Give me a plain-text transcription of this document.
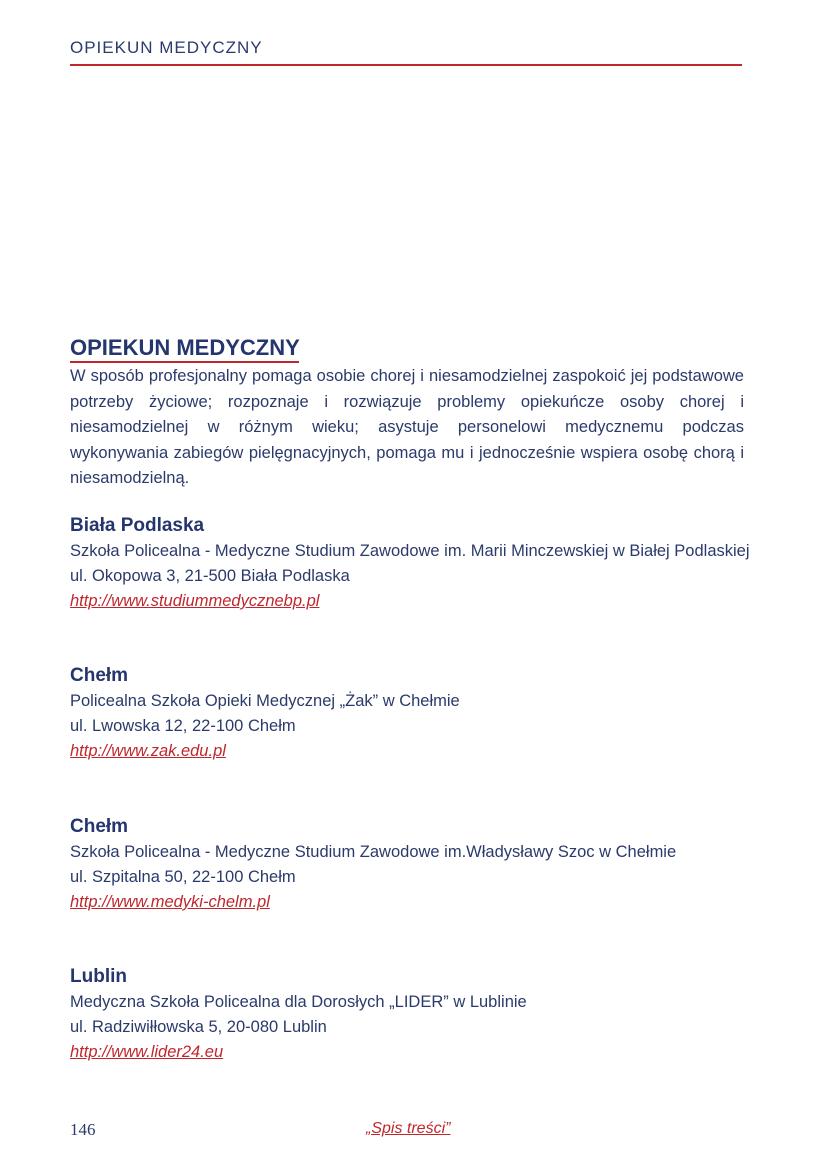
OPIEKUN MEDYCZNY
OPIEKUN MEDYCZNY
W sposób profesjonalny pomaga osobie chorej i niesamodzielnej zaspokoić jej podstawowe potrzeby życiowe; rozpoznaje i rozwiązuje problemy opiekuńcze osoby chorej i niesamodzielnej w różnym wieku; asystuje personelowi medycznemu podczas wykonywania zabiegów pielęgnacyjnych, pomaga mu i jednocześnie wspiera osobę chorą i niesamodzielną.
Biała Podlaska
Szkoła Policealna - Medyczne Studium Zawodowe im. Marii Minczewskiej w Białej Podlaskiej
ul. Okopowa 3, 21-500 Biała Podlaska
http://www.studiummedycznebp.pl
Chełm
Policealna Szkoła Opieki Medycznej „Żak” w Chełmie
ul. Lwowska 12, 22-100 Chełm
http://www.zak.edu.pl
Chełm
Szkoła Policealna - Medyczne Studium Zawodowe im.Władysławy Szoc w Chełmie
ul. Szpitalna 50, 22-100 Chełm
http://www.medyki-chelm.pl
Lublin
Medyczna Szkoła Policealna dla Dorosłych „LIDER” w Lublinie
ul. Radziwiłłowska 5, 20-080 Lublin
http://www.lider24.eu
146	„Spis treści”
